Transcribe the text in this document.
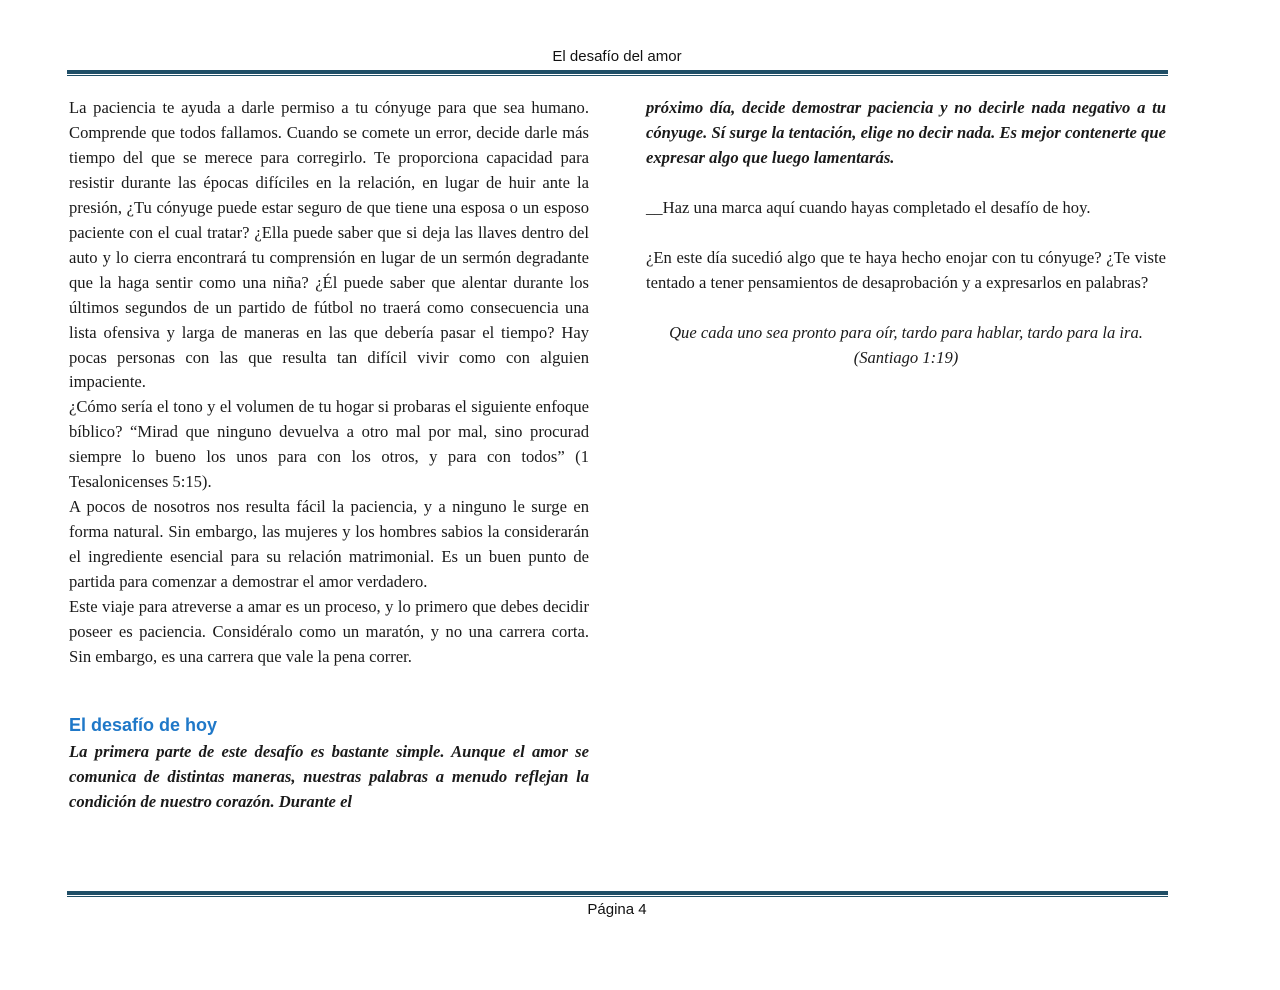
El desafío del amor

La paciencia te ayuda a darle permiso a tu cónyuge para que sea humano. Comprende que todos fallamos. Cuando se comete un error, decide darle más tiempo del que se merece para corregirlo. Te proporciona capacidad para resistir durante las épocas difíciles en la relación, en lugar de huir ante la presión, ¿Tu cónyuge puede estar seguro de que tiene una esposa o un esposo paciente con el cual tratar? ¿Ella puede saber que si deja las llaves dentro del auto y lo cierra encontrará tu comprensión en lugar de un sermón degradante que la haga sentir como una niña? ¿Él puede saber que alentar durante los últimos segundos de un partido de fútbol no traerá como consecuencia una lista ofensiva y larga de maneras en las que debería pasar el tiempo? Hay pocas personas con las que resulta tan difícil vivir como con alguien impaciente.

¿Cómo sería el tono y el volumen de tu hogar si probaras el siguiente enfoque bíblico? “Mirad que ninguno devuelva a otro mal por mal, sino procurad siempre lo bueno los unos para con los otros, y para con todos” (1 Tesalonicenses 5:15).

A pocos de nosotros nos resulta fácil la paciencia, y a ninguno le surge en forma natural. Sin embargo, las mujeres y los hombres sabios la considerarán el ingrediente esencial para su relación matrimonial. Es un buen punto de partida para comenzar a demostrar el amor verdadero.

Este viaje para atreverse a amar es un proceso, y lo primero que debes decidir poseer es paciencia. Considéralo como un maratón, y no una carrera corta. Sin embargo, es una carrera que vale la pena correr.

El desafío de hoy

La primera parte de este desafío es bastante simple. Aunque el amor se comunica de distintas maneras, nuestras palabras a menudo reflejan la condición de nuestro corazón. Durante el

próximo día, decide demostrar paciencia y no decirle nada negativo a tu cónyuge. Sí surge la tentación, elige no decir nada. Es mejor contenerte que expresar algo que luego lamentarás.

__Haz una marca aquí cuando hayas completado el desafío de hoy.

¿En este día sucedió algo que te haya hecho enojar con tu cónyuge? ¿Te viste tentado a tener pensamientos de desaprobación y a expresarlos en palabras?

Que cada uno sea pronto para oír, tardo para hablar, tardo para la ira. (Santiago 1:19)

Página 4
